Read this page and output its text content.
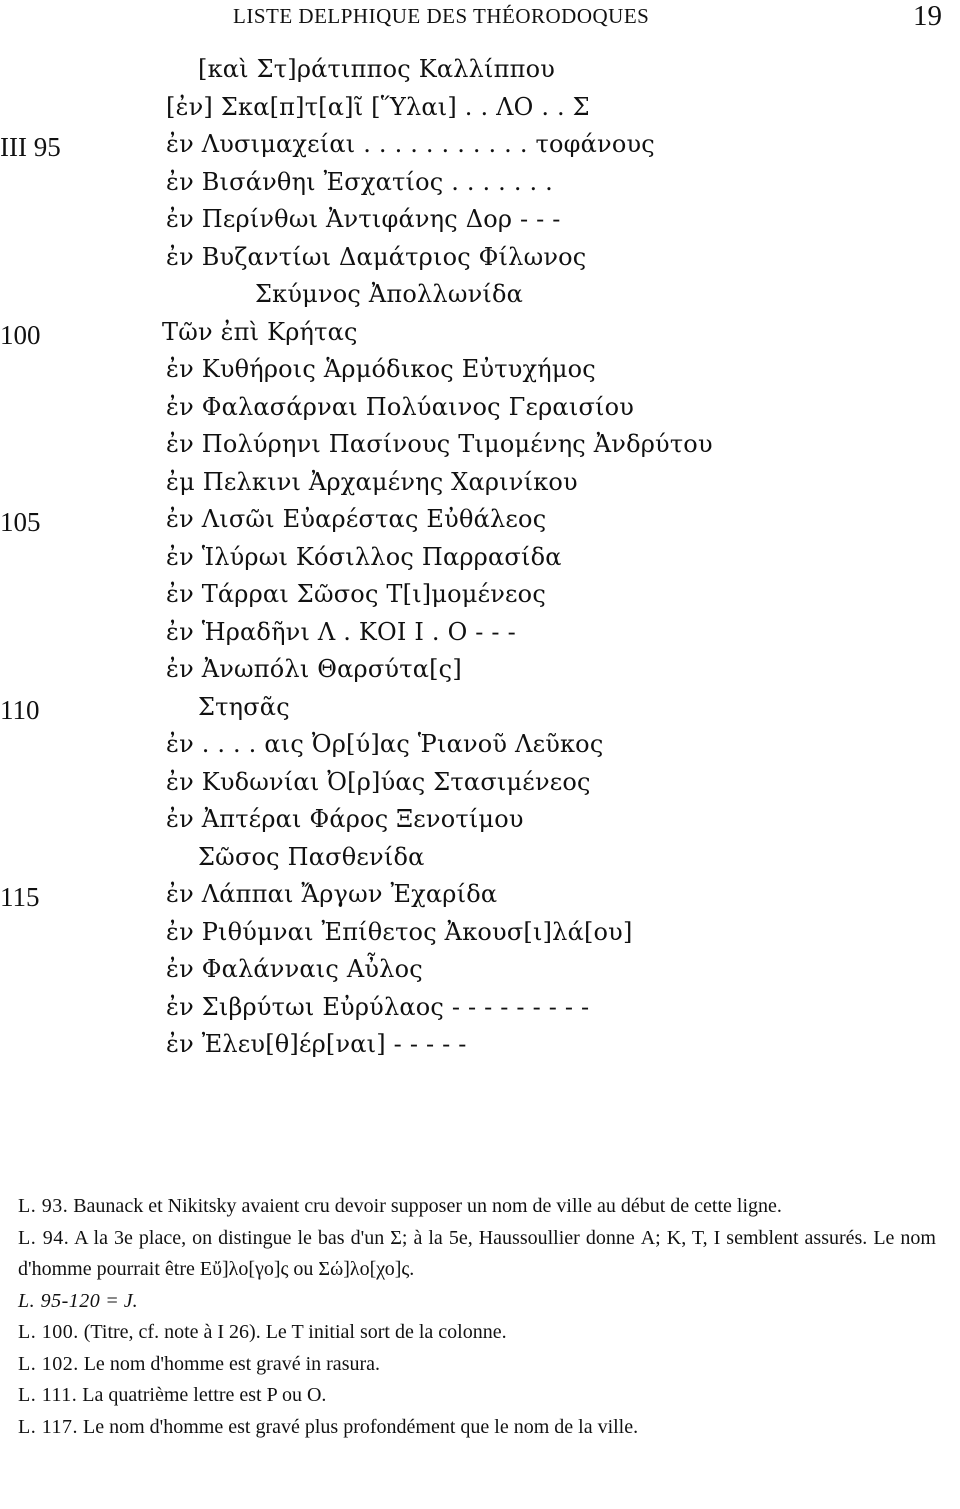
LISTE DELPHIQUE DES THÉORODOQUES	19
[καὶ Στ]ράτιππος Καλλίππου
[ἐν] Σκα[π]τ[α]ῖ [Ὕλαι] . . ΛΟ . . Σ
III 95	ἐν Λυσιμαχείαι . . . . . . . . . . . τοφάνους
ἐν Βισάνθηι Ἐσχατίος . . . . . . .
ἐν Περίνθωι Ἀντιφάνης Δορ - - -
ἐν Βυζαντίωι Δαμάτριος Φίλωνος
Σκύμνος Ἀπολλωνίδα
100	Τῶν ἐπὶ Κρήτας
ἐν Κυθήροις Ἁρμόδικος Εὐτυχήμος
ἐν Φαλασάρναι Πολύαινος Γεραισίου
ἐν Πολύρηνι Πασίνους Τιμομένης Ἀνδρύτου
ἐμ Πελκινι Ἀρχαμένης Χαρινίκου
105	ἐν Λισῶι Εὐαρέστας Εὐθάλεος
ἐν Ἱλύρωι Κόσιλλος Παρρασίδα
ἐν Τάρραι Σῶσος Τ[ι]μομένεος
ἐν Ἡραδῆνι Λ . ΚΟΙ Ι . Ο - - -
ἐν Ἀνωπόλι Θαρσύτα[ς]
110	Στησᾶς
ἐν . . . . αις Ὀρ[ύ]ας Ῥιανοῦ Λεῦκος
ἐν Κυδωνίαι Ὀ[ρ]ύας Στασιμένεος
ἐν Ἀπτέραι Φάρος Ξενοτίμου
Σῶσος Πασθενίδα
115	ἐν Λάππαι Ἄργων Ἐχαρίδα
ἐν Ριθύμναι Ἐπίθετος Ἀκουσ[ι]λά[ου]
ἐν Φαλάνναις Αὖλος
ἐν Σιβρύτωι Εὐρύλαος - - - - - - - - -
ἐν Ἐλευ[θ]έρ[ναι] - - - - -
L. 93. Baunack et Nikitsky avaient cru devoir supposer un nom de ville au début de cette ligne.
L. 94. A la 3e place, on distingue le bas d'un Σ; à la 5e, Haussoullier donne Α; Κ, Τ, Ι semblent assurés. Le nom d'homme pourrait être Εὔ]λο[γο]ς ou Σώ]λο[χο]ς.
L. 95-120 = J.
L. 100. (Titre, cf. note à I 26). Le T initial sort de la colonne.
L. 102. Le nom d'homme est gravé in rasura.
L. 111. La quatrième lettre est P ou O.
L. 117. Le nom d'homme est gravé plus profondément que le nom de la ville.
